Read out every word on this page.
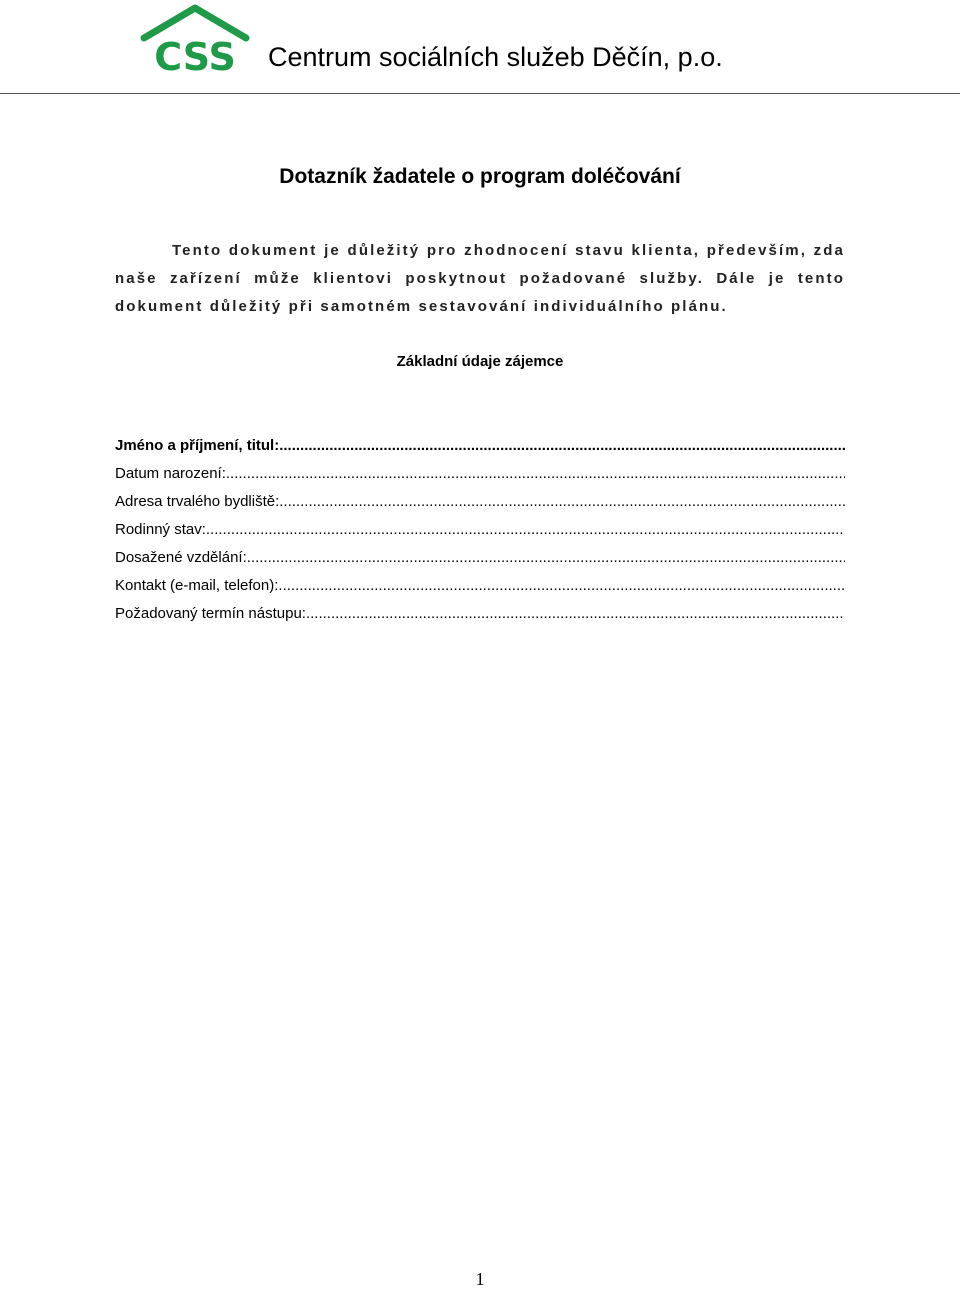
CSS Centrum sociálních služeb Děčín, p.o.
Dotazník žadatele o program doléčování
Tento dokument je důležitý pro zhodnocení stavu klienta, především, zda naše zařízení může klientovi poskytnout požadované služby. Dále je tento dokument důležitý při samotném sestavování individuálního plánu.
Základní údaje zájemce
Jméno a příjmení, titul:
.....
Datum narození:
.....
Adresa trvalého bydliště:
.....
Rodinný stav:
.....
Dosažené vzdělání:
.....
Kontakt (e-mail, telefon):
.....
Požadovaný termín nástupu:
.....
1
